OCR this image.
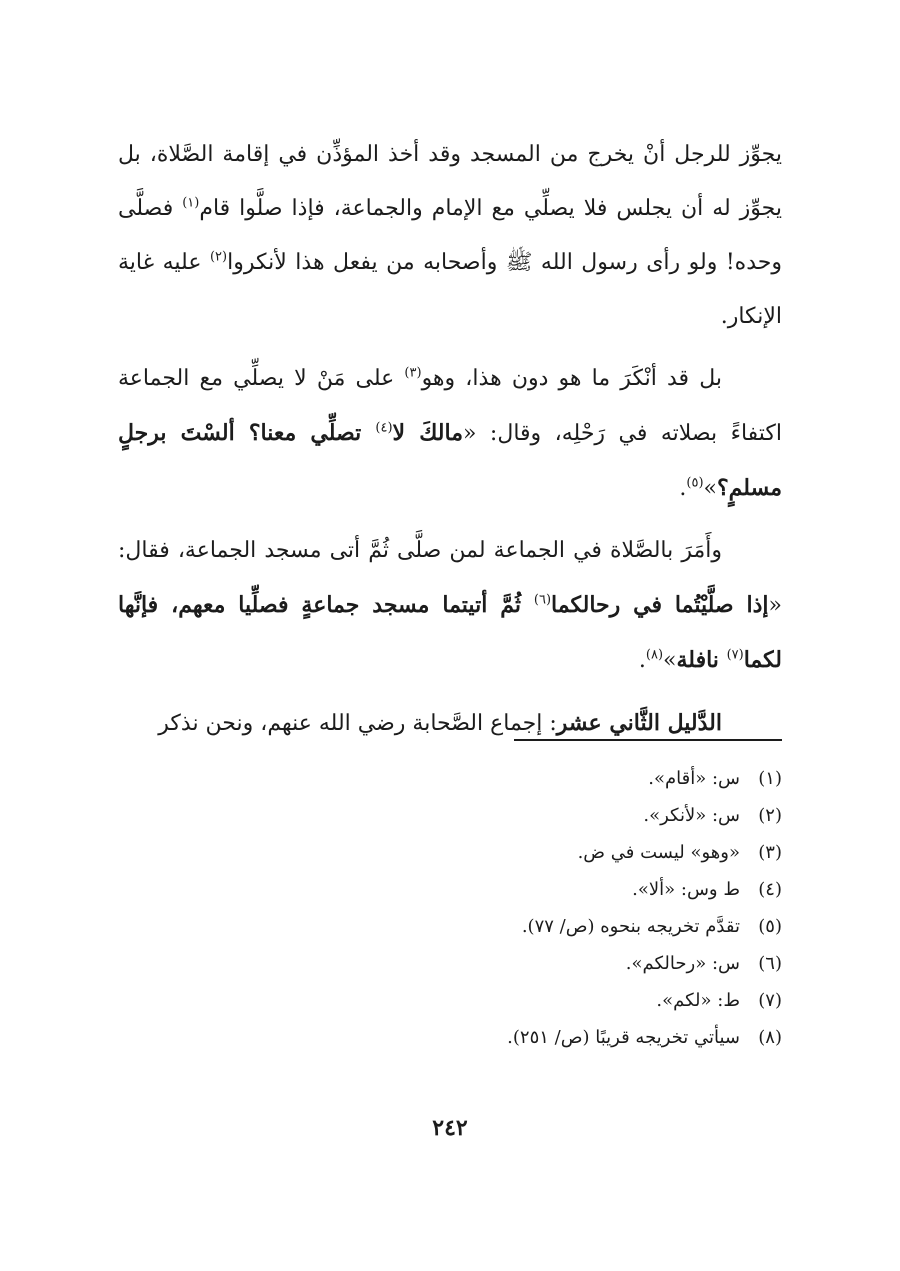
يجوِّز للرجل أنْ يخرج من المسجد وقد أخذ المؤذِّن في إقامة الصَّلاة، بل يجوِّز له أن يجلس فلا يصلِّي مع الإمام والجماعة، فإذا صلَّوا قام$^{(١)}$ فصلَّى وحده! ولو رأى رسول الله ﷺ وأصحابه من يفعل هذا لأنكروا$^{(٢)}$ عليه غاية الإنكار.
بل قد أنْكَرَ ما هو دون هذا، وهو$^{(٣)}$ على مَنْ لا يصلِّي مع الجماعة اكتفاءً بصلاته في رَحْلِه، وقال: «مالكَ لا$^{(٤)}$ تصلِّي معنا؟ ألسْتَ برجلٍ مسلمٍ؟»$^{(٥)}$.
وأَمَرَ بالصَّلاة في الجماعة لمن صلَّى ثُمَّ أتى مسجد الجماعة، فقال: «إذا صلَّيْتُما في رحالكما$^{(٦)}$ ثُمَّ أتيتما مسجد جماعةٍ فصلِّيا معهم، فإنَّها لكما$^{(٧)}$ نافلة»$^{(٨)}$.
الدَّليل الثَّاني عشر: إجماع الصَّحابة رضي الله عنهم، ونحن نذكر
(١)
س: «أقام».
(٢)
س: «لأنكر».
(٣)
«وهو» ليست في ض.
(٤)
ط وس: «ألا».
(٥)
تقدَّم تخريجه بنحوه (ص/ ٧٧).
(٦)
س: «رحالكم».
(٧)
ط: «لكم».
(٨)
سيأتي تخريجه قريبًا (ص/ ٢٥١).
٢٤٢
